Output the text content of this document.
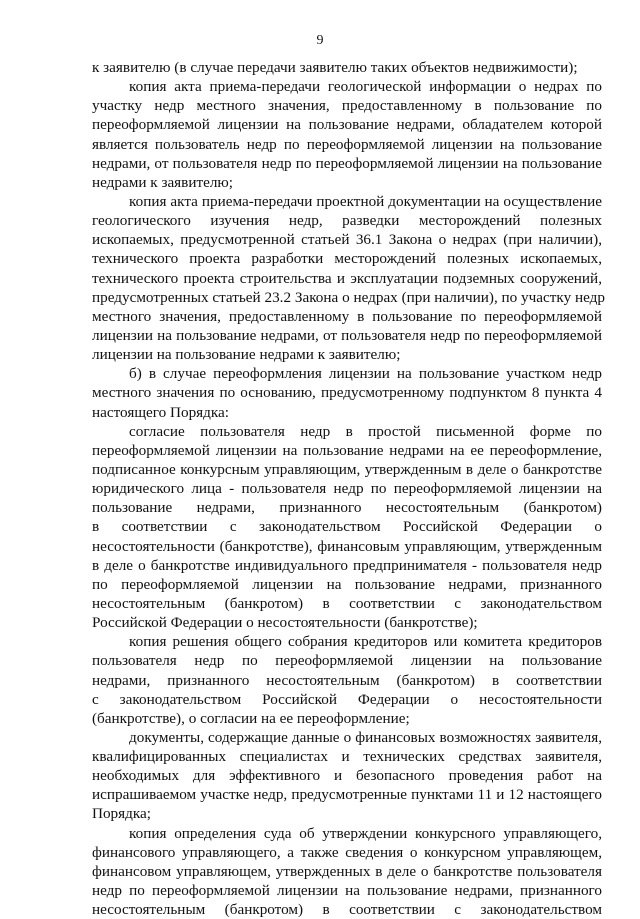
9
к заявителю (в случае передачи заявителю таких объектов недвижимости);
копия акта приема-передачи геологической информации о недрах по
участку недр местного значения, предоставленному в пользование по
переоформляемой лицензии на пользование недрами, обладателем которой
является пользователь недр по переоформляемой лицензии на пользование
недрами, от пользователя недр по переоформляемой лицензии на пользование
недрами к заявителю;
копия акта приема-передачи проектной документации на осуществление
геологического изучения недр, разведки месторождений полезных
ископаемых, предусмотренной статьей 36.1 Закона о недрах (при наличии),
технического проекта разработки месторождений полезных ископаемых,
технического проекта строительства и эксплуатации подземных сооружений,
предусмотренных статьей 23.2 Закона о недрах (при наличии), по участку недр
местного значения, предоставленному в пользование по переоформляемой
лицензии на пользование недрами, от пользователя недр по переоформляемой
лицензии на пользование недрами к заявителю;
б) в случае переоформления лицензии на пользование участком недр
местного значения по основанию, предусмотренному подпунктом 8 пункта 4
настоящего Порядка:
согласие пользователя недр в простой письменной форме по
переоформляемой лицензии на пользование недрами на ее переоформление,
подписанное конкурсным управляющим, утвержденным в деле о банкротстве
юридического лица - пользователя недр по переоформляемой лицензии на
пользование недрами, признанного несостоятельным (банкротом)
в соответствии с законодательством Российской Федерации о
несостоятельности (банкротстве), финансовым управляющим, утвержденным
в деле о банкротстве индивидуального предпринимателя - пользователя недр
по переоформляемой лицензии на пользование недрами, признанного
несостоятельным (банкротом) в соответствии с законодательством
Российской Федерации о несостоятельности (банкротстве);
копия решения общего собрания кредиторов или комитета кредиторов
пользователя недр по переоформляемой лицензии на пользование
недрами, признанного несостоятельным (банкротом) в соответствии
с законодательством Российской Федерации о несостоятельности
(банкротстве), о согласии на ее переоформление;
документы, содержащие данные о финансовых возможностях заявителя,
квалифицированных специалистах и технических средствах заявителя,
необходимых для эффективного и безопасного проведения работ на
испрашиваемом участке недр, предусмотренные пунктами 11 и 12 настоящего
Порядка;
копия определения суда об утверждении конкурсного управляющего,
финансового управляющего, а также сведения о конкурсном управляющем,
финансовом управляющем, утвержденных в деле о банкротстве пользователя
недр по переоформляемой лицензии на пользование недрами, признанного
несостоятельным (банкротом) в соответствии с законодательством
